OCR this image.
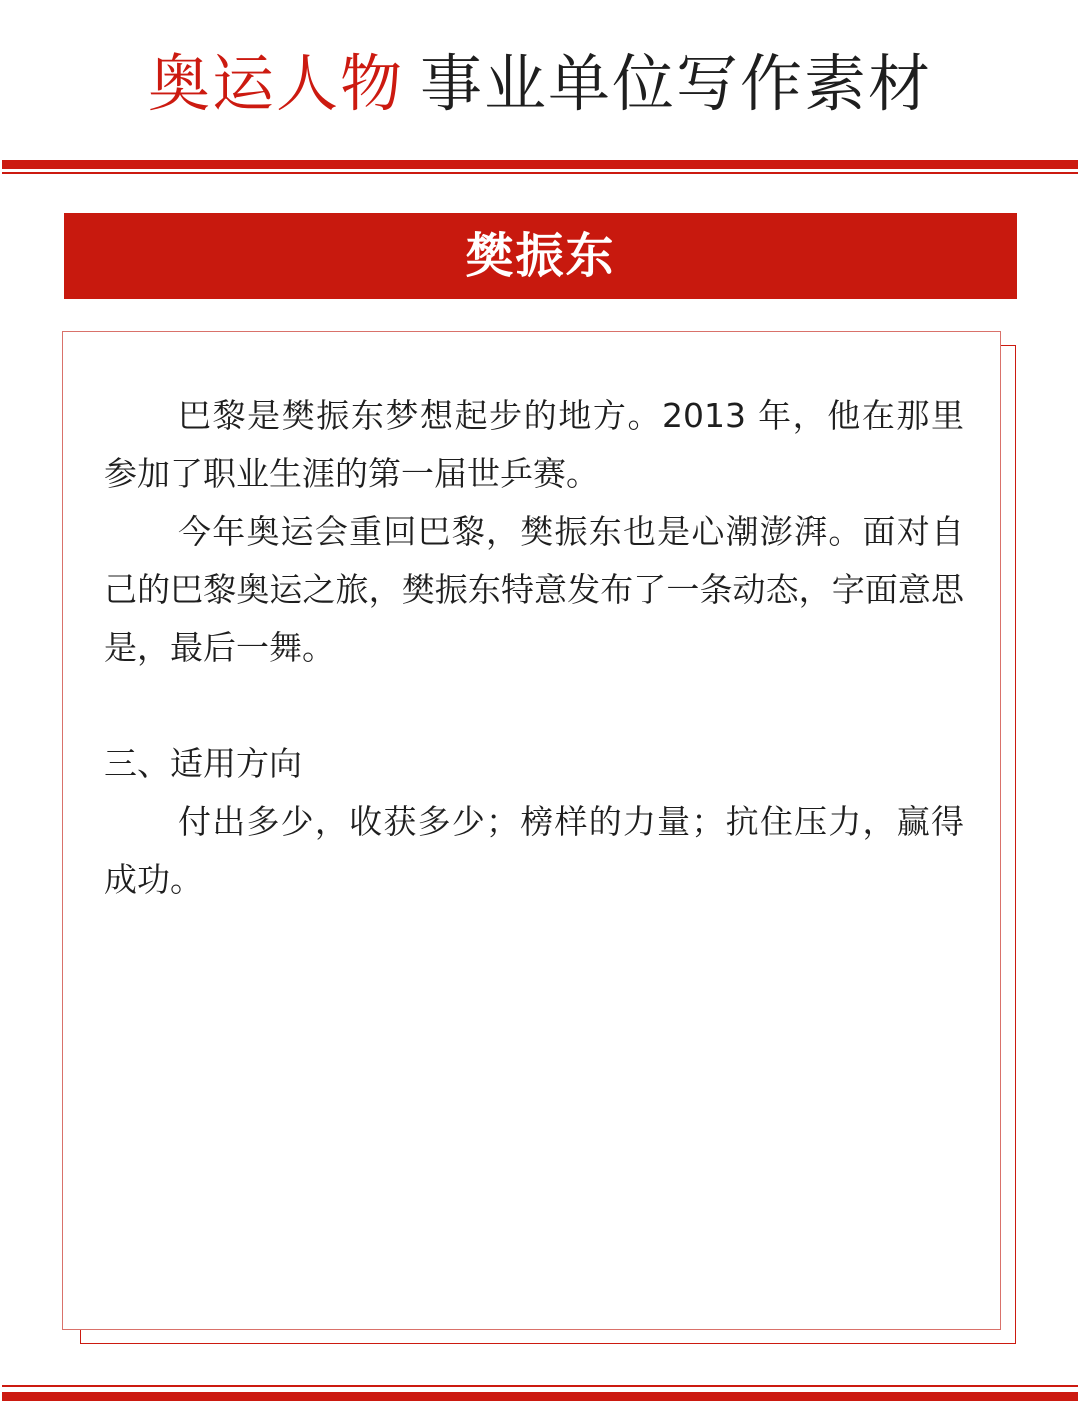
奥运人物 事业单位写作素材
樊振东

巴黎是樊振东梦想起步的地方。2013 年，他在那里参加了职业生涯的第一届世乒赛。

今年奥运会重回巴黎，樊振东也是心潮澎湃。面对自己的巴黎奥运之旅，樊振东特意发布了一条动态，字面意思是，最后一舞。

三、适用方向

付出多少，收获多少；榜样的力量；抗住压力，赢得成功。
